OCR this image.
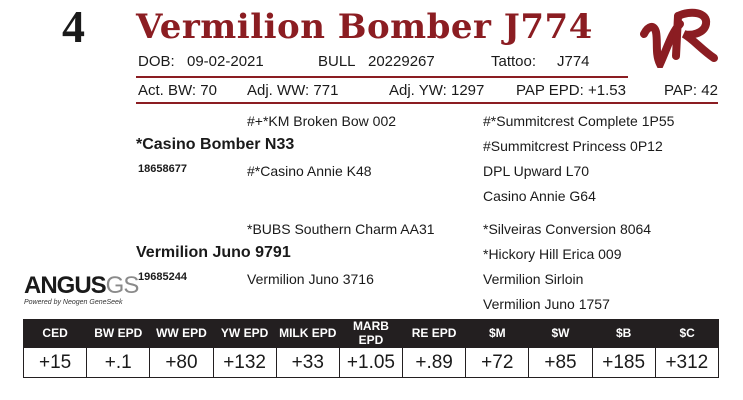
4 Vermilion Bomber J774
DOB: 09-02-2021	BULL 20229267	Tattoo: J774
Act. BW: 70 Adj. WW: 771	Adj. YW: 1297 PAP EPD: +1.53	PAP: 42
#+*KM Broken Bow 002
*Casino Bomber N33
18658677	#*Casino Annie K48
#*Summitcrest Complete 1P55
#Summitcrest Princess 0P12
DPL Upward L70
Casino Annie G64
*BUBS Southern Charm AA31
Vermilion Juno 9791
19685244	Vermilion Juno 3716
*Silveiras Conversion 8064
*Hickory Hill Erica 009
Vermilion Sirloin
Vermilion Juno 1757
ANGUSGS
Powered by Neogen GeneSeek
CED	BW EPD	WW EPD	YW EPD	MILK EPD	MARB EPD	RE EPD	$M	$W	$B	$C
+15	+.1	+80	+132	+33	+1.05	+.89	+72	+85	+185	+312
